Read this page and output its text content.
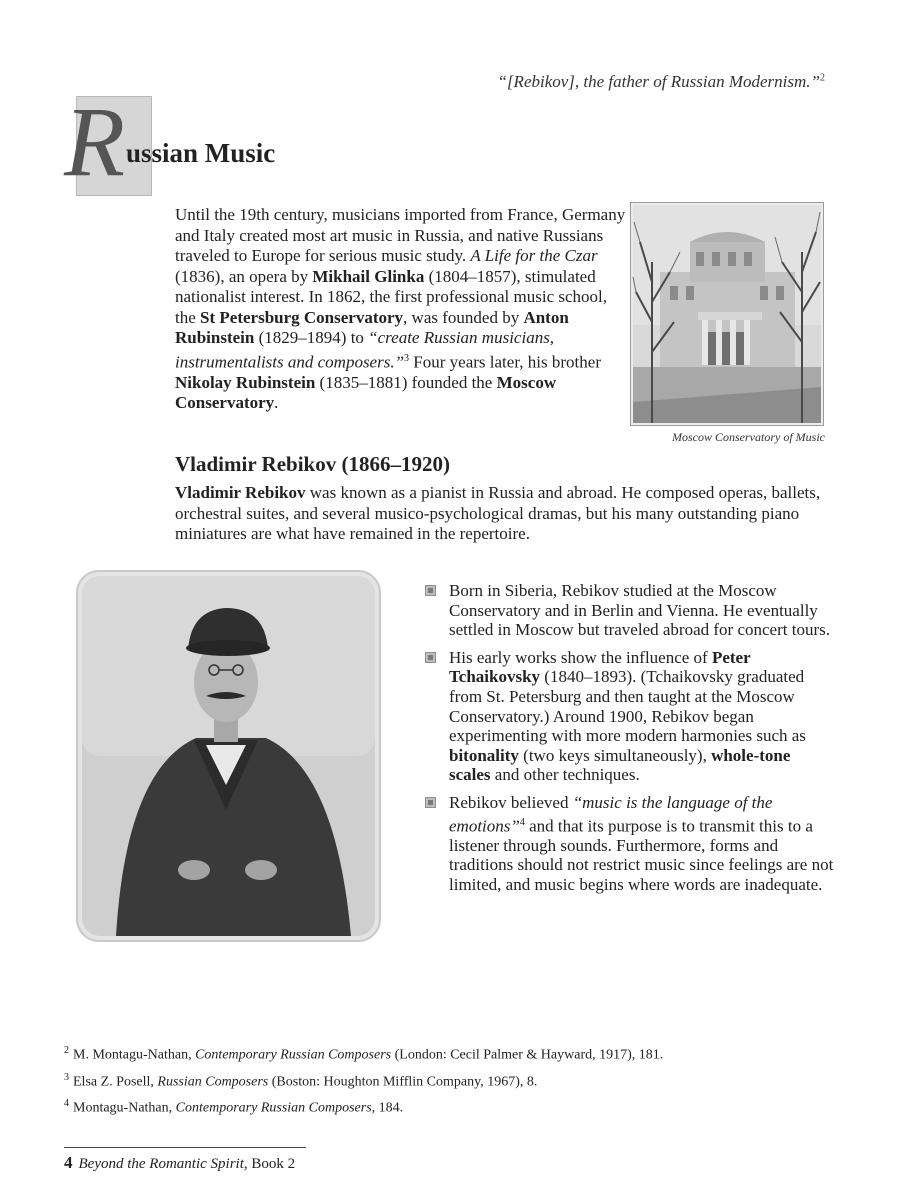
“[Rebikov], the father of Russian Modernism.”$^2$
R ussian Music
Until the 19th century, musicians imported from France, Germany and Italy created most art music in Russia, and native Russians traveled to Europe for serious music study. A Life for the Czar (1836), an opera by Mikhail Glinka (1804–1857), stimulated nationalist interest. In 1862, the first professional music school, the St Petersburg Conservatory, was founded by Anton Rubinstein (1829–1894) to “create Russian musicians, instrumentalists and composers.”$^3$ Four years later, his brother Nikolay Rubinstein (1835–1881) founded the Moscow Conservatory.
Moscow Conservatory of Music
Vladimir Rebikov (1866–1920)
Vladimir Rebikov was known as a pianist in Russia and abroad. He composed operas, ballets, orchestral suites, and several musico-psychological dramas, but his many outstanding piano miniatures are what have remained in the repertoire.
Born in Siberia, Rebikov studied at the Moscow Conservatory and in Berlin and Vienna. He eventually settled in Moscow but traveled abroad for concert tours.
His early works show the influence of Peter Tchaikovsky (1840–1893). (Tchaikovsky graduated from St. Petersburg and then taught at the Moscow Conservatory.) Around 1900, Rebikov began experimenting with more modern harmonies such as bitonality (two keys simultaneously), whole-tone scales and other techniques.
Rebikov believed “music is the language of the emotions”$^4$ and that its purpose is to transmit this to a listener through sounds. Furthermore, forms and traditions should not restrict music since feelings are not limited, and music begins where words are inadequate.
$^2$ M. Montagu-Nathan, Contemporary Russian Composers (London: Cecil Palmer & Hayward, 1917), 181.
$^3$ Elsa Z. Posell, Russian Composers (Boston: Houghton Mifflin Company, 1967), 8.
$^4$ Montagu-Nathan, Contemporary Russian Composers, 184.
4 Beyond the Romantic Spirit, Book 2
